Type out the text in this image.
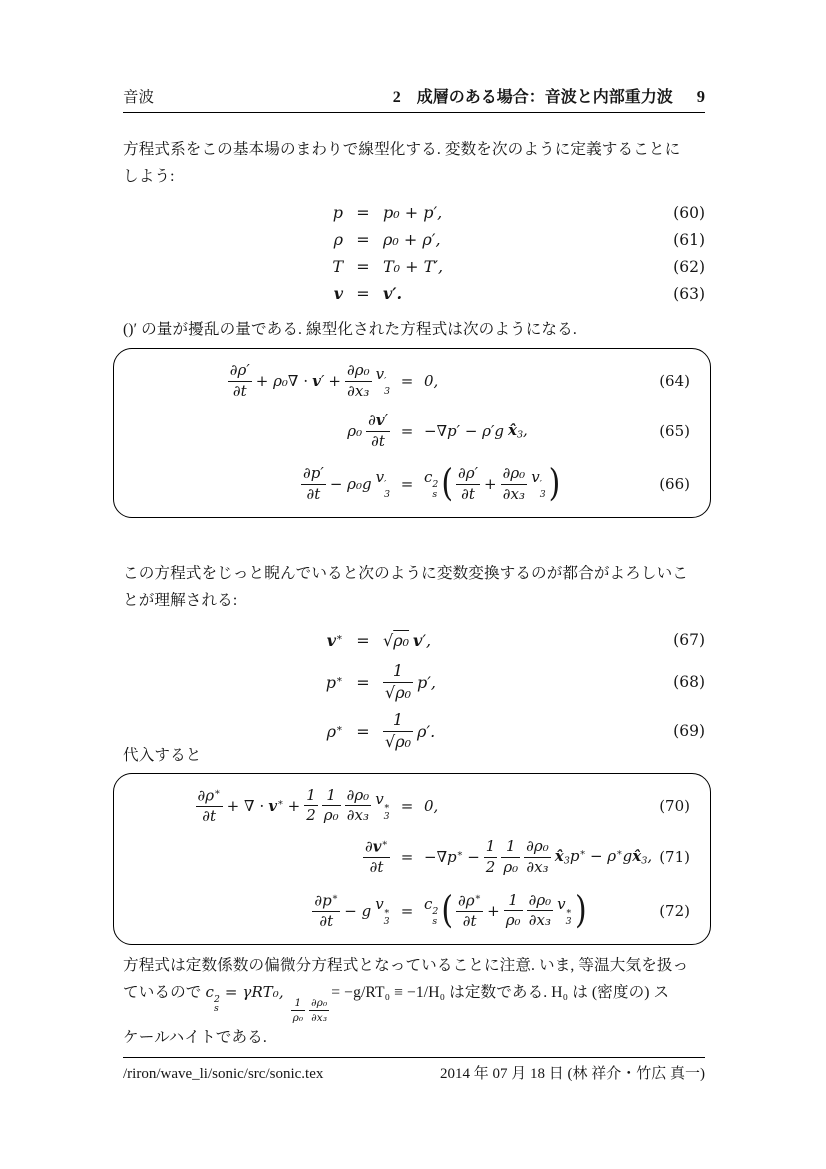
音波	2　成層のある場合：音波と内部重力波 9
方程式系をこの基本場のまわりで線型化する. 変数を次のように定義することに
しよう:
p = p₀ + p′,	(60)
ρ = ρ₀ + ρ′,	(61)
T = T₀ + T′,	(62)
v = v′.	(63)
()′ の量が擾乱の量である. 線型化された方程式は次のようになる.
$\frac{\partial\rho'}{\partial t} + \rho_0\nabla \cdot v' + \frac{\text{∂ρ₀}}{\text{∂x₃}}$ v ′
3
= 0,	(64)
$\rho_0 \frac{\partial v'}{\partial t} = -\nabla p' - \rho'g$ $x̂_3$,	(65)
$\frac{\partial p'}{\partial t} - \rho_0g$ v ′
3
= c 2
s ( $\frac{\partial\rho'}{\partial t} + \frac{\text{∂ρ₀}}{\text{∂x₃}}$ v ′
3 )	(66)
この方程式をじっと睨んでいると次のように変数変換するのが都合がよろしいこ
とが理解される:
v∗ = √ρ₀ v′,	(67)
$p^∗ = \frac{1}{\text{√ρ₀}} p'$,	(68)
$\rho^∗ = \frac{1}{\text{√ρ₀}} \rho'$.	(69)
代入すると
$\frac{\partial\rho^∗}{\partial t}$ + ∇ ⋅ $v^∗ + \frac{1}{2} \frac{1}{\text{ρ₀}} \frac{\text{∂ρ₀}}{\text{∂x₃}}$ v ∗
3
= 0,	(70)
$\frac{\partial v^∗}{\partial t} = -\nabla p^∗ - \frac{1}{2} \frac{1}{\text{ρ₀}} \frac{\text{∂ρ₀}}{\text{∂x₃}}$ $x̂_3p^∗$ − $\rho^∗gx̂_3$, (71)
$\frac{\partial p^∗}{\partial t} - g$ v ∗
3
= c 2
s ( $\frac{\partial\rho^∗}{\partial t} + \frac{1}{\text{ρ₀}} \frac{\text{∂ρ₀}}{\text{∂x₃}}$ v ∗
3 )	(72)
方程式は定数係数の偏微分方程式となっていることに注意. いま, 等温大気を扱っ
ているので c 2
s
= γRT₀,
$\frac{1}{\text{ρ₀}} \frac{\text{∂ρ₀}}{\text{∂x₃}}$
= −g/RT₀ ≡ −1/H₀ は定数である. H₀ は (密度の) ス
ケールハイトである.
/riron/wave_li/sonic/src/sonic.tex	2014 年 07 月 18 日 (林 祥介・竹広 真一)
